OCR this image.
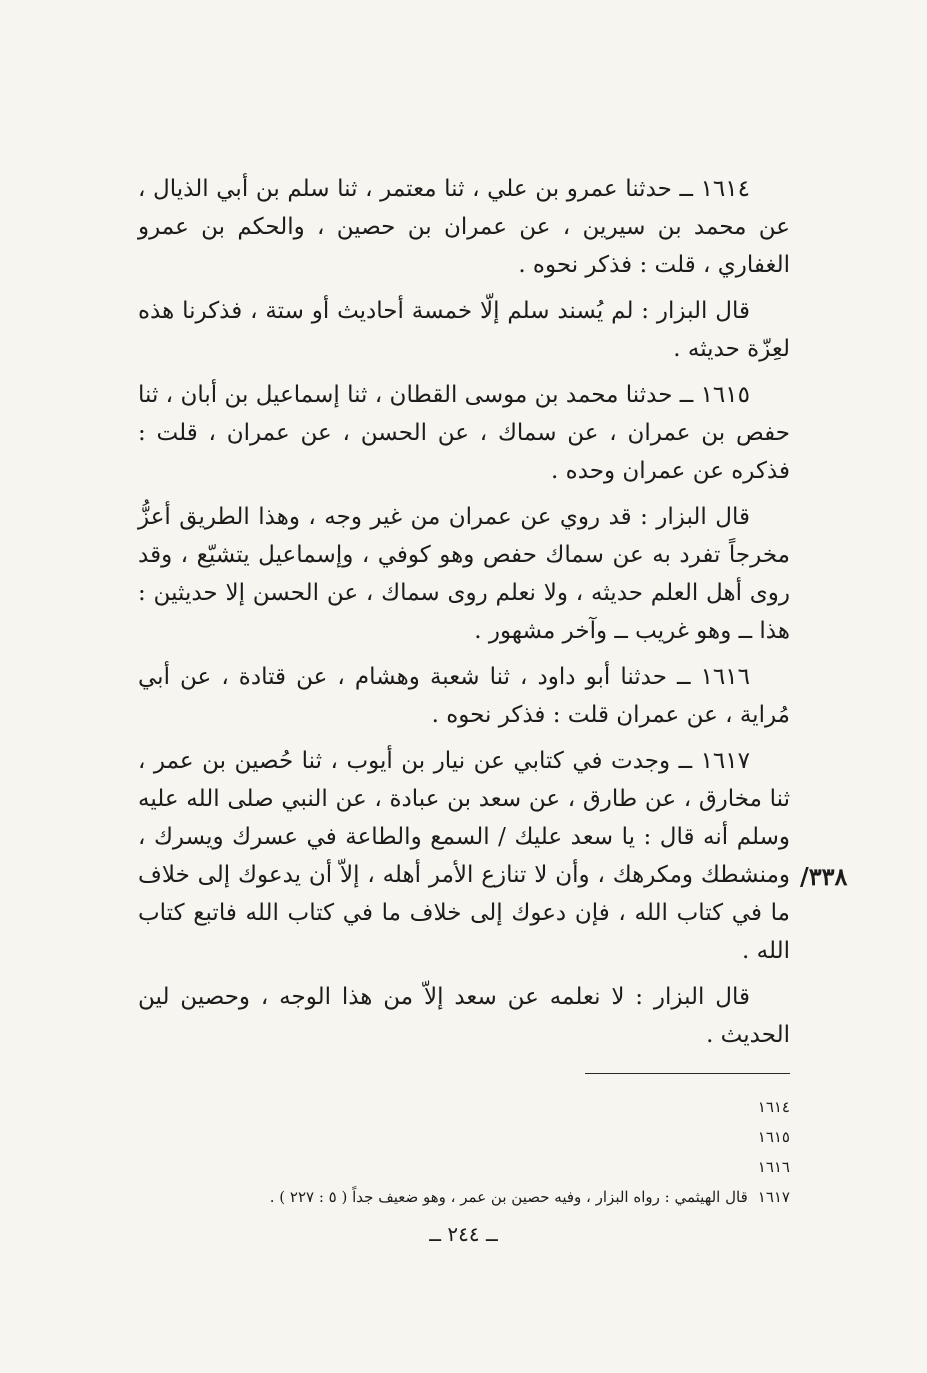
١٦١٤ ــ حدثنا عمرو بن علي ، ثنا معتمر ، ثنا سلم بن أبي الذيال ، عن محمد بن سيرين ، عن عمران بن حصين ، والحكم بن عمرو الغفاري ، قلت : فذكر نحوه .

قال البزار : لم يُسند سلم إلّا خمسة أحاديث أو ستة ، فذكرنا هذه لعِزّة حديثه .

١٦١٥ ــ حدثنا محمد بن موسى القطان ، ثنا إسماعيل بن أبان ، ثنا حفص بن عمران ، عن سماك ، عن الحسن ، عن عمران ، قلت : فذكره عن عمران وحده .

قال البزار : قد روي عن عمران من غير وجه ، وهذا الطريق أعزُّ مخرجاً تفرد به عن سماك حفص وهو كوفي ، وإسماعيل يتشيّع ، وقد روى أهل العلم حديثه ، ولا نعلم روى سماك ، عن الحسن إلا حديثين : هذا ــ وهو غريب ــ وآخر مشهور .

١٦١٦ ــ حدثنا أبو داود ، ثنا شعبة وهشام ، عن قتادة ، عن أبي مُراية ، عن عمران قلت : فذكر نحوه .

١٦١٧ ــ وجدت في كتابي عن نيار بن أيوب ، ثنا حُصين بن عمر ، ثنا مخارق ، عن طارق ، عن سعد بن عبادة ، عن النبي صلى الله عليه وسلم أنه قال : يا سعد عليك / السمع والطاعة في عسرك ويسرك ، ومنشطك ومكرهك ، وأن لا تنازع الأمر أهله ، إلاّ أن يدعوك إلى خلاف ما في كتاب الله ، فإن دعوك إلى خلاف ما في كتاب الله فاتبع كتاب الله .

قال البزار : لا نعلمه عن سعد إلاّ من هذا الوجه ، وحصين لين الحديث .

٣٣٨/

١٦١٤

١٦١٥

١٦١٦

١٦١٧قال الهيثمي : رواه البزار ، وفيه حصين بن عمر ، وهو ضعيف جداً ( ٥ : ٢٢٧ ) .

ــ ٢٤٤ ــ
